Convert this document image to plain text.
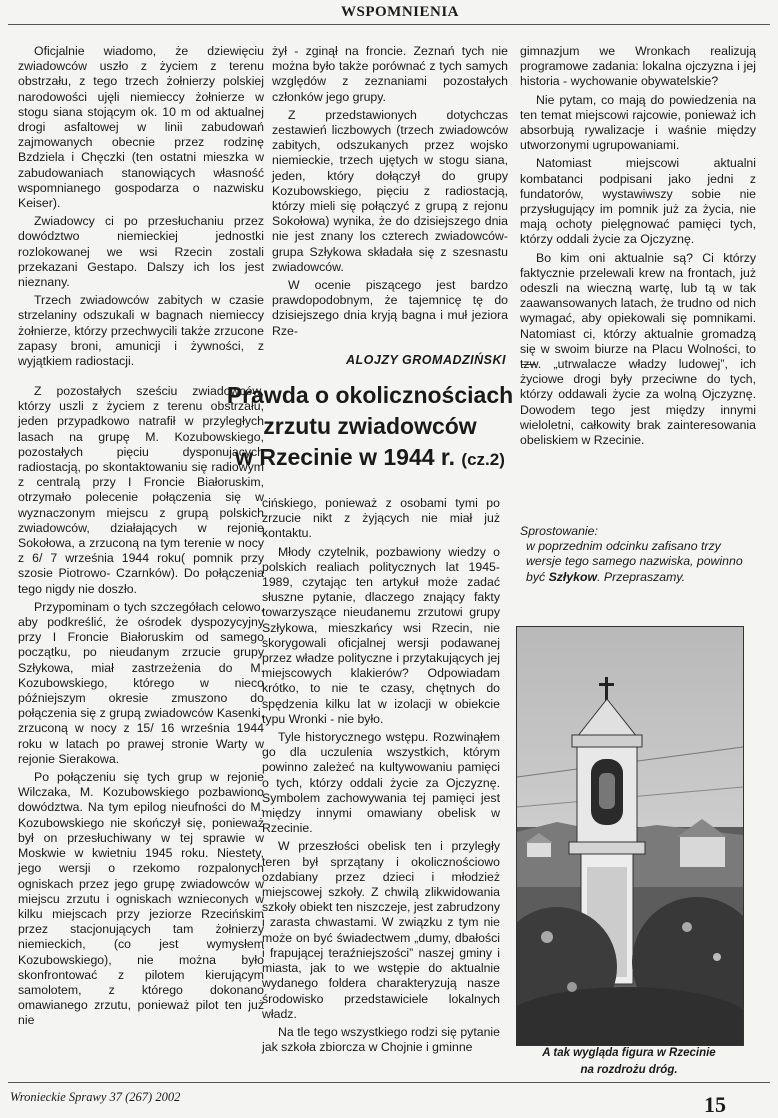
WSPOMNIENIA

Oficjalnie wiadomo, że dziewięciu zwiadowców uszło z życiem z terenu obstrzału, z tego trzech żołnierzy polskiej narodowości ujęli niemieccy żołnierze w stogu siana stojącym ok. 10 m od aktualnej drogi asfaltowej w linii zabudowań zajmowanych obecnie przez rodzinę Bzdziela i Chęczki (ten ostatni mieszka w zabudowaniach stanowiących własność wspomnianego gospodarza o nazwisku Keiser).

Zwiadowcy ci po przesłuchaniu przez dowództwo niemieckiej jednostki rozlokowanej we wsi Rzecin zostali przekazani Gestapo. Dalszy ich los jest nieznany.

Trzech zwiadowców zabitych w czasie strzelaniny odszukali w bagnach niemieccy żołnierze, którzy przechwycili także zrzucone zapasy broni, amunicji i żywności, z wyjątkiem radiostacji.

Z pozostałych sześciu zwiadowców, którzy uszli z życiem z terenu obstrzału, jeden przypadkowo natrafił w przyległych lasach na grupę M. Kozubowskiego, pozostałych pięciu dysponujących radiostacją, po skontaktowaniu się radiowym z centralą przy I Froncie Białoruskim, otrzymało polecenie połączenia się w wyznaczonym miejscu z grupą polskich zwiadowców, działających w rejonie Sokołowa, a zrzuconą na tym terenie w nocy z 6/ 7 września 1944 roku( pomnik przy szosie Piotrowo- Czarnków). Do połączenia tego nigdy nie doszło.

Przypominam o tych szczegółach celowo, aby podkreślić, że ośrodek dyspozycyjny przy I Froncie Białoruskim od samego początku, po nieudanym zrzucie grupy Szłykowa, miał zastrzeżenia do M. Kozubowskiego, którego w nieco późniejszym okresie zmuszono do połączenia się z grupą zwiadowców Kasenki, zrzuconą w nocy z 15/ 16 września 1944 roku w latach po prawej stronie Warty w rejonie Sierakowa.

Po połączeniu się tych grup w rejonie Wilczaka, M. Kozubowskiego pozbawiono dowództwa. Na tym epilog nieufności do M. Kozubowskiego nie skończył się, ponieważ był on przesłuchiwany w tej sprawie w Moskwie w kwietniu 1945 roku. Niestety, jego wersji o rzekomo rozpalonych ogniskach przez jego grupę zwiadowców w miejscu zrzutu i ogniskach wznieconych w kilku miejscach przy jeziorze Rzecińskim przez stacjonujących tam żołnierzy niemieckich, (co jest wymysłem Kozubowskiego), nie można było skonfrontować z pilotem kierującym samolotem, z którego dokonano omawianego zrzutu, ponieważ pilot ten już nie

żył - zginął na froncie. Zeznań tych nie można było także porównać z tych samych względów z zeznaniami pozostałych członków jego grupy.

Z przedstawionych dotychczas zestawień liczbowych (trzech zwiadowców zabitych, odszukanych przez wojsko niemieckie, trzech ujętych w stogu siana, jeden, który dołączył do grupy Kozubowskiego, pięciu z radiostacją, którzy mieli się połączyć z grupą z rejonu Sokołowa) wynika, że do dzisiejszego dnia nie jest znany los czterech zwiadowców- grupa Szłykowa składała się z szesnastu zwiadowców.

W ocenie piszącego jest bardzo prawdopodobnym, że tajemnicę tę do dzisiejszego dnia kryją bagna i muł jeziora Rze-

ALOJZY GROMADZIŃSKI
Prawda o okolicznościach
zrzutu zwiadowców
w Rzecinie w 1944 r. (cz.2)

cińskiego, ponieważ z osobami tymi po zrzucie nikt z żyjących nie miał już kontaktu.

Młody czytelnik, pozbawiony wiedzy o polskich realiach politycznych lat 1945-1989, czytając ten artykuł może zadać słuszne pytanie, dlaczego znający fakty towarzyszące nieudanemu zrzutowi grupy Szłykowa, mieszkańcy wsi Rzecin, nie skorygowali oficjalnej wersji podawanej przez władze polityczne i przytakujących jej miejscowych klakierów? Odpowiadam krótko, to nie te czasy, chętnych do spędzenia kilku lat w izolacji w obiekcie typu Wronki - nie było.

Tyle historycznego wstępu. Rozwinąłem go dla uczulenia wszystkich, którym powinno zależeć na kultywowaniu pamięci o tych, którzy oddali życie za Ojczyznę. Symbolem zachowywania tej pamięci jest między innymi omawiany obelisk w Rzecinie.

W przeszłości obelisk ten i przyległy teren był sprzątany i okolicznościowo ozdabiany przez dzieci i młodzież miejscowej szkoły. Z chwilą zlikwidowania szkoły obiekt ten niszczeje, jest zabrudzony i zarasta chwastami. W związku z tym nie może on być świadectwem „dumy, dbałości i frapującej teraźniejszości” naszej gminy i miasta, jak to we wstępie do aktualnie wydanego foldera charakteryzują nasze środowisko przedstawiciele lokalnych władz.

Na tle tego wszystkiego rodzi się pytanie jak szkoła zbiorcza w Chojnie i gminne

gimnazjum we Wronkach realizują programowe zadania: lokalna ojczyzna i jej historia - wychowanie obywatelskie?

Nie pytam, co mają do powiedzenia na ten temat miejscowi rajcowie, ponieważ ich absorbują rywalizacje i waśnie między utworzonymi ugrupowaniami.

Natomiast miejscowi aktualni kombatanci podpisani jako jedni z fundatorów, wystawiwszy sobie nie przysługujący im pomnik już za życia, nie mają ochoty pielęgnować pamięci tych, którzy oddali życie za Ojczyznę.

Bo kim oni aktualnie są? Ci którzy faktycznie przelewali krew na frontach, już odeszli na wieczną wartę, lub tą w tak zaawansowanych latach, że trudno od nich wymagać, aby opiekowali się pomnikami. Natomiast ci, którzy aktualnie gromadzą się w swoim biurze na Placu Wolności, to tzw. „utrwalacze władzy ludowej”, ich życiowe drogi były przeciwne do tych, którzy oddawali życie za wolną Ojczyznę. Dowodem tego jest między innymi wieloletni, całkowity brak zainteresowania obeliskiem w Rzecinie.

Sprostowanie:

w poprzednim odcinku zafisano trzy wersje tego samego nazwiska, powinno być Szłykow. Przepraszamy.

A tak wygląda figura w Rzecinie
na rozdrożu dróg.
Wronieckie Sprawy 37 (267) 2002	15
